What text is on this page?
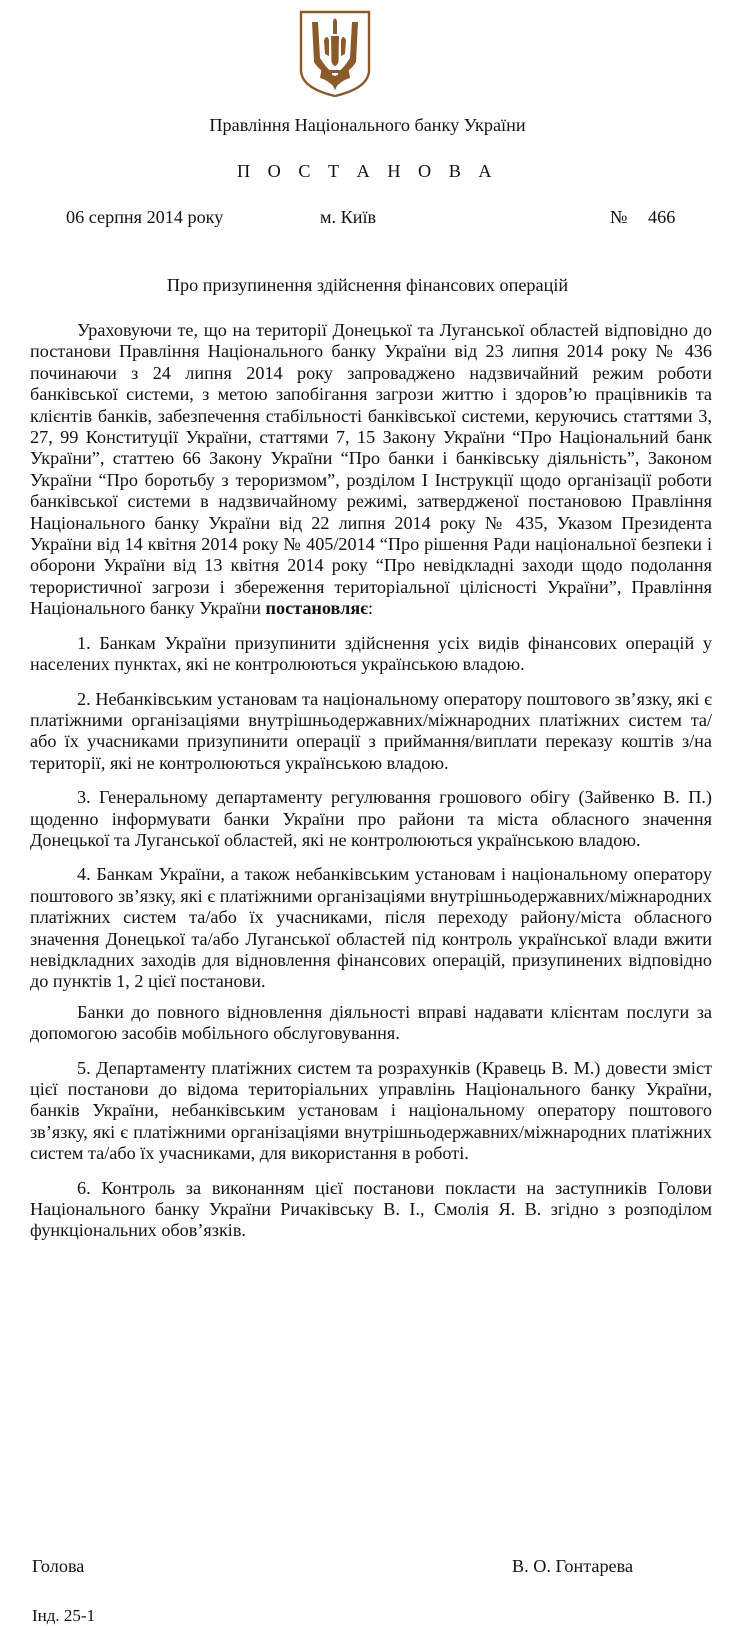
Правління Національного банку України
П О С Т А Н О В А
06 серпня 2014 року	м. Київ	№ 466
Про призупинення здійснення фінансових операцій

Ураховуючи те, що на території Донецької та Луганської областей відповідно до постанови Правління Національного банку України від 23 липня 2014 року № 436 починаючи з 24 липня 2014 року запроваджено надзвичайний режим роботи банківської системи, з метою запобігання загрози життю і здоров’ю працівників та клієнтів банків, забезпечення стабільності банківської системи, керуючись статтями 3, 27, 99 Конституції України, статтями 7, 15 Закону України “Про Національний банк України”, статтею 66 Закону України “Про банки і банківську діяльність”, Законом України “Про боротьбу з тероризмом”, розділом І Інструкції щодо організації роботи банківської системи в надзвичайному режимі, затвердженої постановою Правління Національного банку України від 22 липня 2014 року № 435, Указом Президента України від 14 квітня 2014 року № 405/2014 “Про рішення Ради національної безпеки і оборони України від 13 квітня 2014 року “Про невідкладні заходи щодо подолання терористичної загрози і збереження територіальної цілісності України”, Правління Національного банку України постановляє:

1. Банкам України призупинити здійснення усіх видів фінансових операцій у населених пунктах, які не контролюються українською владою.

2. Небанківським установам та національному оператору поштового зв’язку, які є платіжними організаціями внутрішньодержавних/міжнародних платіжних систем та/або їх учасниками призупинити операції з приймання/виплати переказу коштів з/на території, які не контролюються українською владою.

3. Генеральному департаменту регулювання грошового обігу (Зайвенко В. П.) щоденно інформувати банки України про райони та міста обласного значення Донецької та Луганської областей, які не контролюються українською владою.

4. Банкам України, а також небанківським установам і національному оператору поштового зв’язку, які є платіжними організаціями внутрішньодержавних/міжнародних платіжних систем та/або їх учасниками, після переходу району/міста обласного значення Донецької та/або Луганської областей під контроль української влади вжити невідкладних заходів для відновлення фінансових операцій, призупинених відповідно до пунктів 1, 2 цієї постанови.

Банки до повного відновлення діяльності вправі надавати клієнтам послуги за допомогою засобів мобільного обслуговування.

5. Департаменту платіжних систем та розрахунків (Кравець В. М.) довести зміст цієї постанови до відома територіальних управлінь Національного банку України, банків України, небанківським установам і національному оператору поштового зв’язку, які є платіжними організаціями внутрішньодержавних/міжнародних платіжних систем та/або їх учасниками, для використання в роботі.

6. Контроль за виконанням цієї постанови покласти на заступників Голови Національного банку України Ричаківську В. І., Смолія Я. В. згідно з розподілом функціональних обов’язків.

Голова	В. О. Гонтарева
Інд. 25-1
